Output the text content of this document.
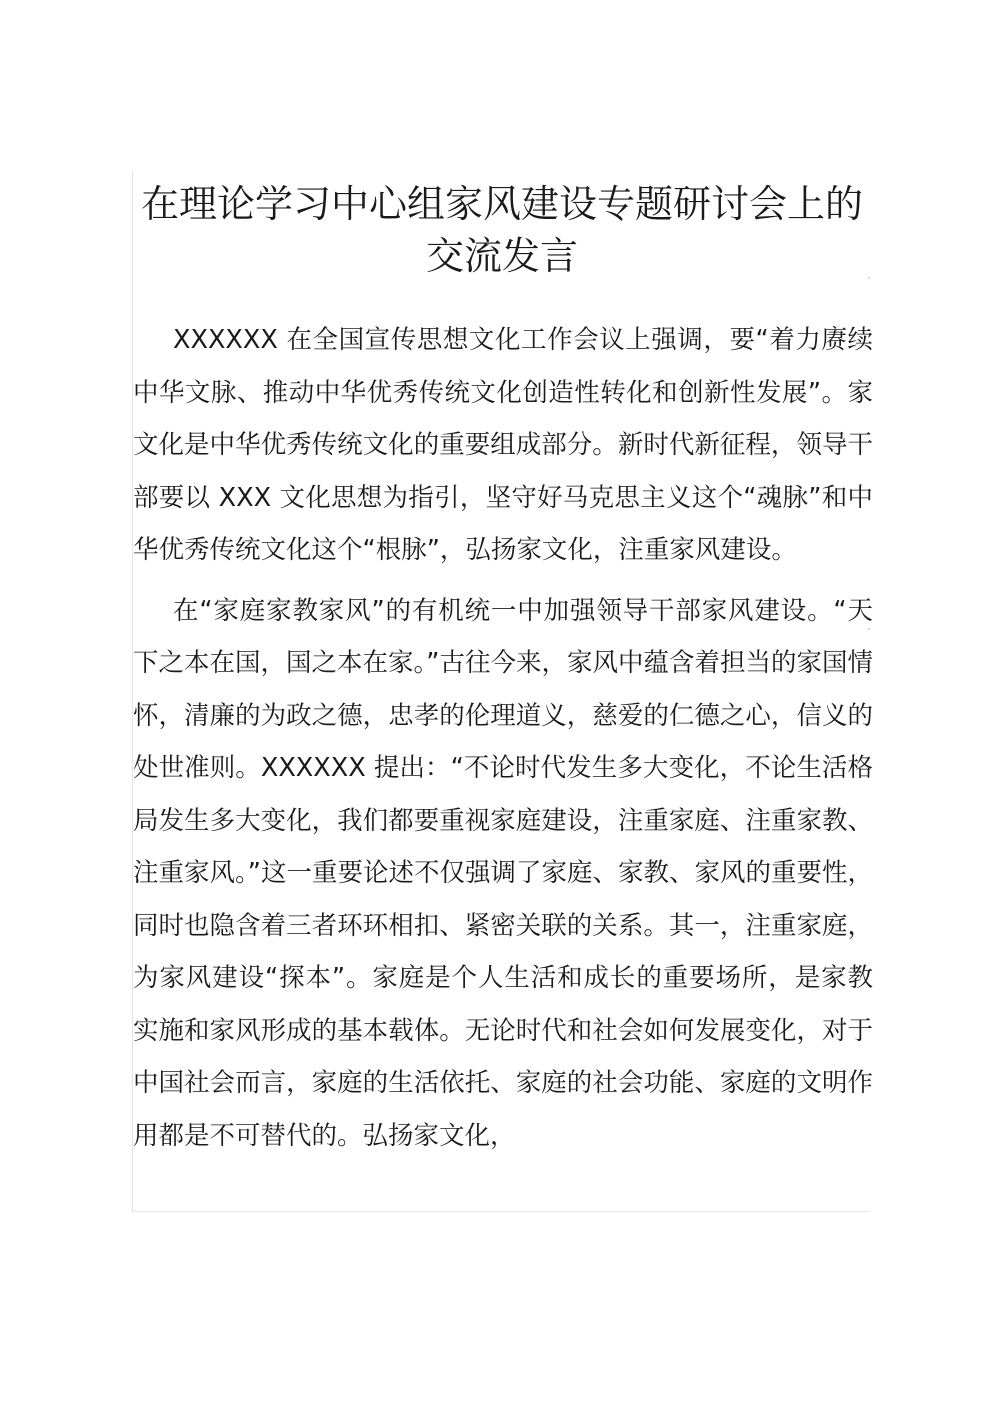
在理论学习中心组家风建设专题研讨会上的交流发言

XXXXXX 在全国宣传思想文化工作会议上强调，要“着力赓续中华文脉、推动中华优秀传统文化创造性转化和创新性发展”。家文化是中华优秀传统文化的重要组成部分。新时代新征程，领导干部要以 XXX 文化思想为指引，坚守好马克思主义这个“魂脉”和中华优秀传统文化这个“根脉”，弘扬家文化，注重家风建设。

在“家庭家教家风”的有机统一中加强领导干部家风建设。“天下之本在国，国之本在家。”古往今来，家风中蕴含着担当的家国情怀，清廉的为政之德，忠孝的伦理道义，慈爱的仁德之心，信义的处世准则。XXXXXX 提出：“不论时代发生多大变化，不论生活格局发生多大变化，我们都要重视家庭建设，注重家庭、注重家教、注重家风。”这一重要论述不仅强调了家庭、家教、家风的重要性，同时也隐含着三者环环相扣、紧密关联的关系。其一，注重家庭，为家风建设“探本”。家庭是个人生活和成长的重要场所，是家教实施和家风形成的基本载体。无论时代和社会如何发展变化，对于中国社会而言，家庭的生活依托、家庭的社会功能、家庭的文明作用都是不可替代的。弘扬家文化，
